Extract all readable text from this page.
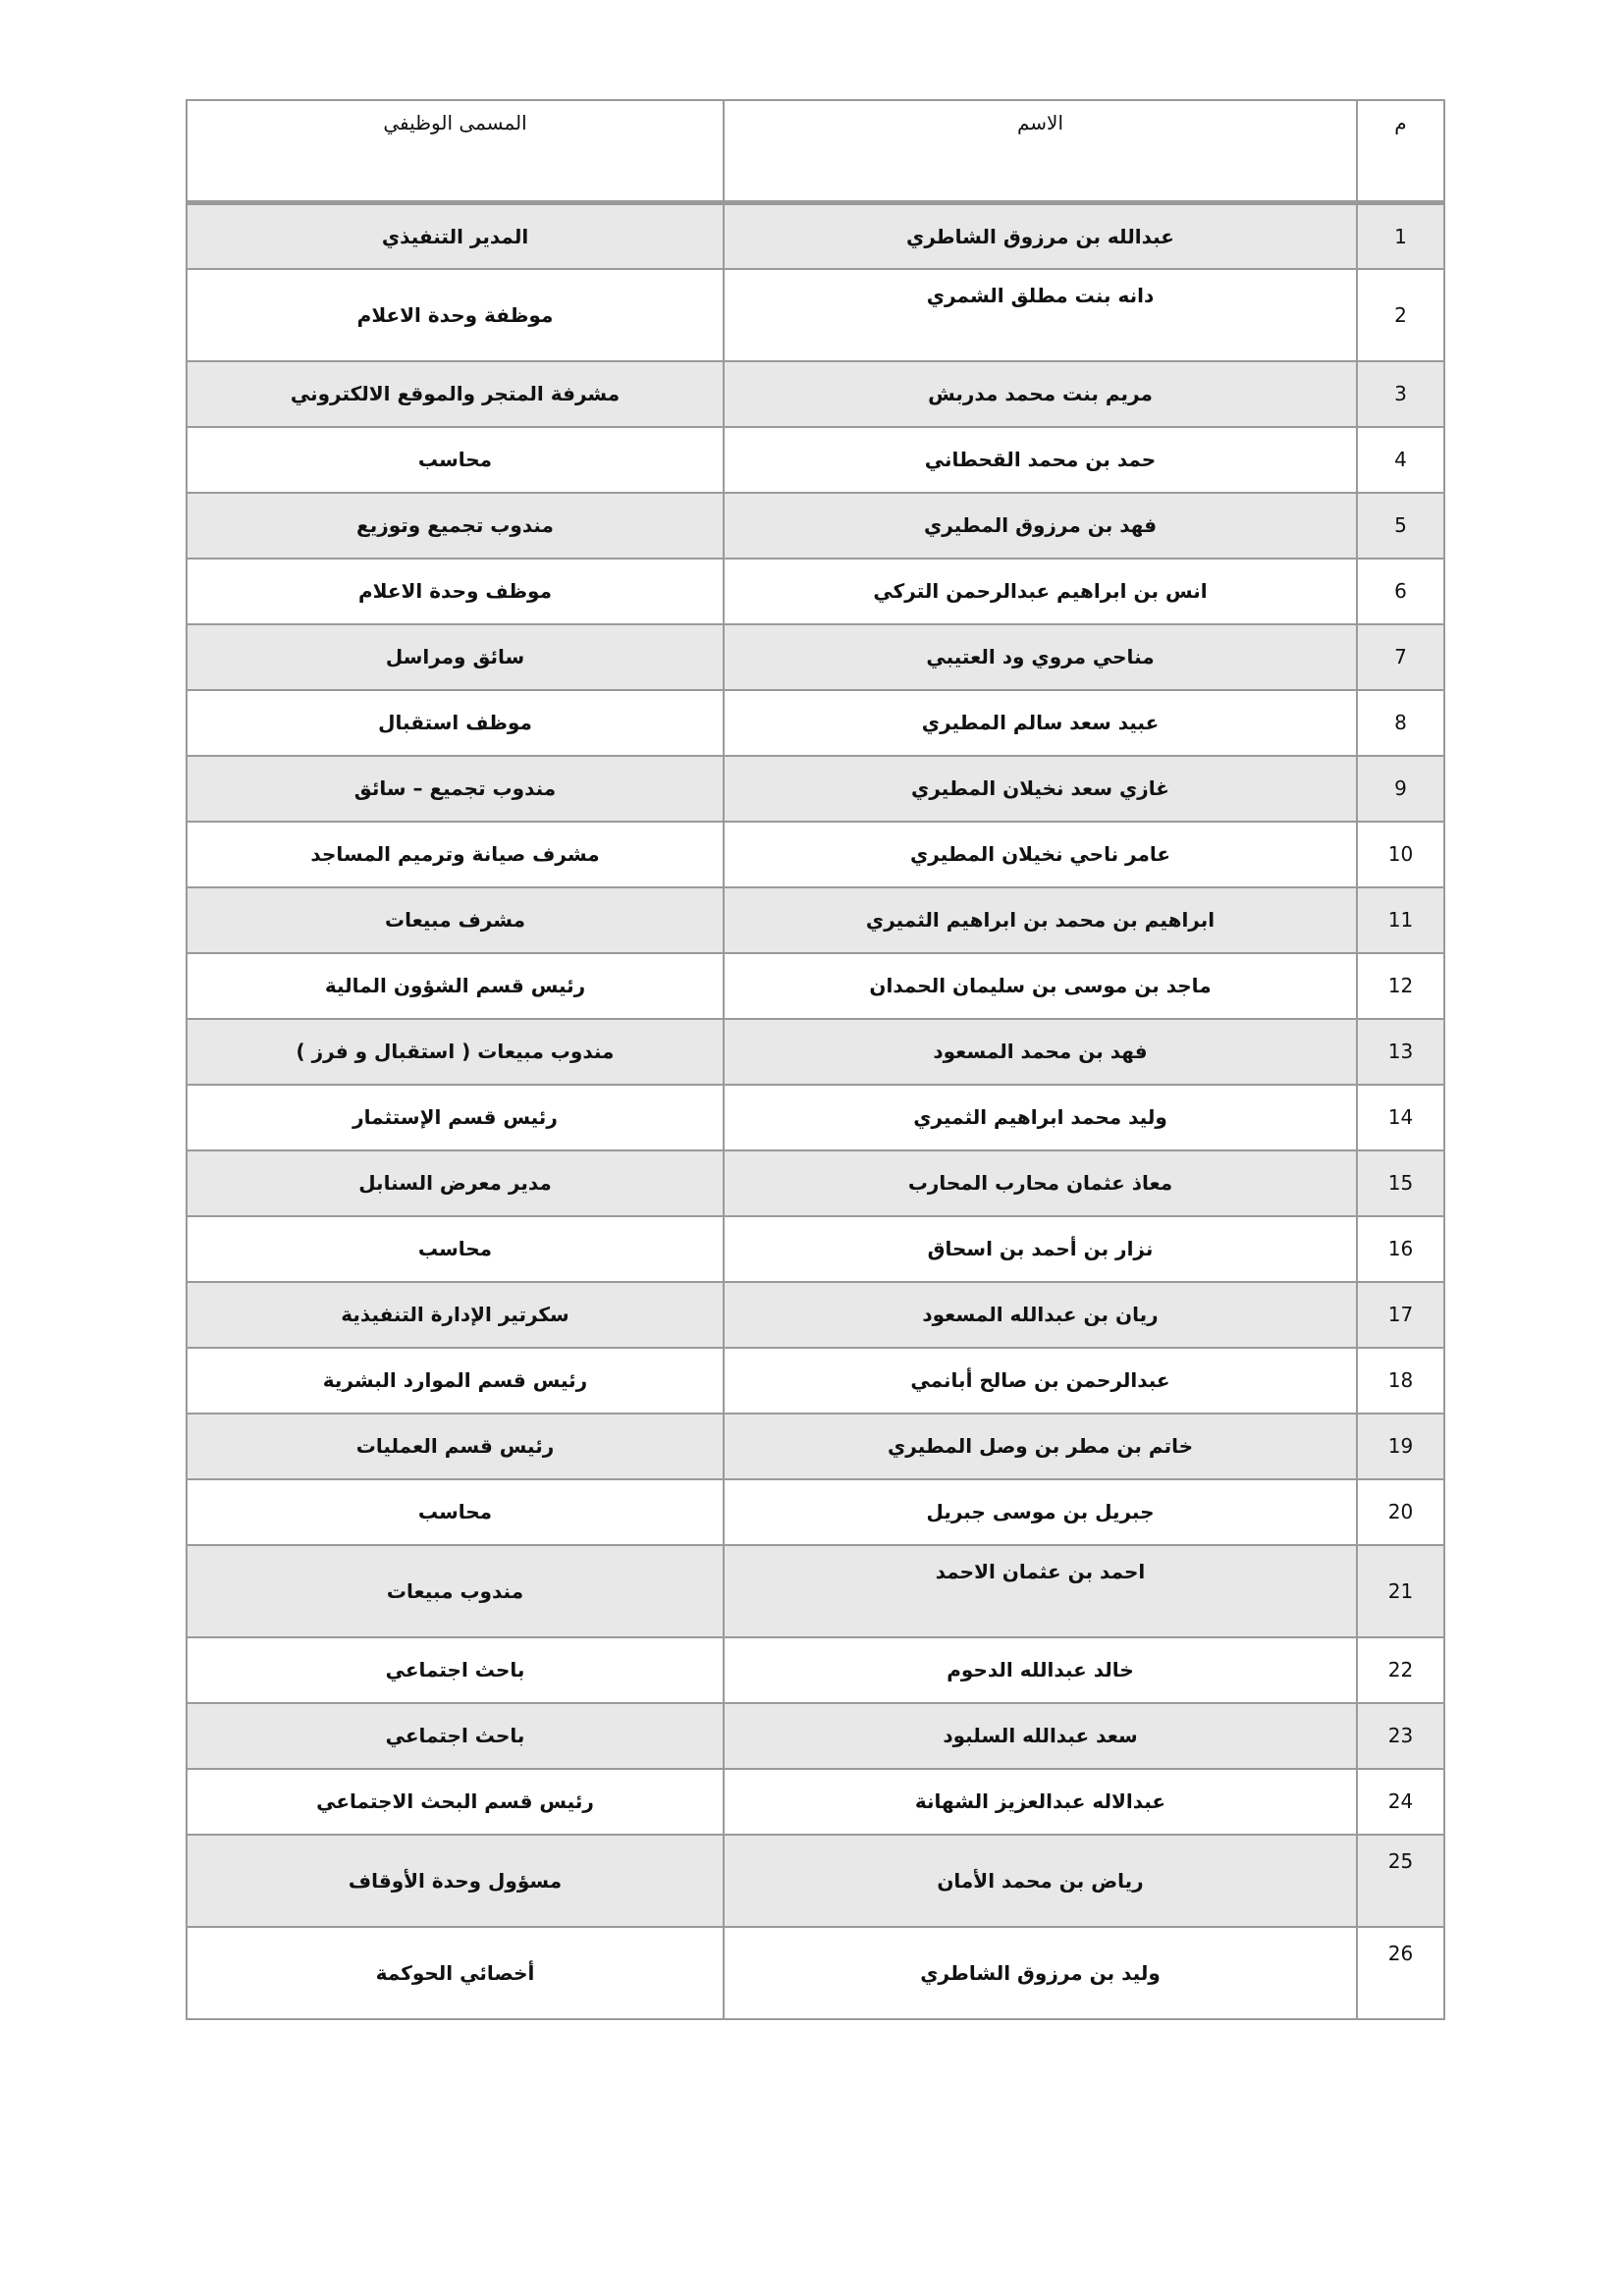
م	الاسم	المسمى الوظيفي
1	عبدالله بن مرزوق الشاطري	المدير التنفيذي
2	دانه بنت مطلق الشمري	موظفة وحدة الاعلام
3	مريم بنت محمد مدربش	مشرفة المتجر والموقع الالكتروني
4	حمد بن محمد القحطاني	محاسب
5	فهد بن مرزوق المطيري	مندوب تجميع وتوزيع
6	انس بن ابراهيم عبدالرحمن التركي	موظف وحدة الاعلام
7	مناحي مروي ود العتيبي	سائق ومراسل
8	عبيد سعد سالم المطيري	موظف استقبال
9	غازي سعد نخيلان المطيري	مندوب تجميع – سائق
10	عامر ناحي نخيلان المطيري	مشرف صيانة وترميم المساجد
11	ابراهيم بن محمد بن ابراهيم الثميري	مشرف مبيعات
12	ماجد بن موسى بن سليمان الحمدان	رئيس قسم الشؤون المالية
13	فهد بن محمد المسعود	مندوب مبيعات ( استقبال و فرز )
14	وليد محمد ابراهيم الثميري	رئيس قسم الإستثمار
15	معاذ عثمان محارب المحارب	مدير معرض السنابل
16	نزار بن أحمد بن اسحاق	محاسب
17	ريان بن عبدالله المسعود	سكرتير الإدارة التنفيذية
18	عبدالرحمن بن صالح أبانمي	رئيس قسم الموارد البشرية
19	خاتم بن مطر بن وصل المطيري	رئيس قسم العمليات
20	جبريل بن موسى جبريل	محاسب
21	احمد بن عثمان الاحمد	مندوب مبيعات
22	خالد عبدالله الدحوم	باحث اجتماعي
23	سعد عبدالله السلبود	باحث اجتماعي
24	عبدالاله عبدالعزيز الشهانة	رئيس قسم البحث الاجتماعي
25	رياض بن محمد الأمان	مسؤول وحدة الأوقاف
26	وليد بن مرزوق الشاطري	أخصائي الحوكمة
